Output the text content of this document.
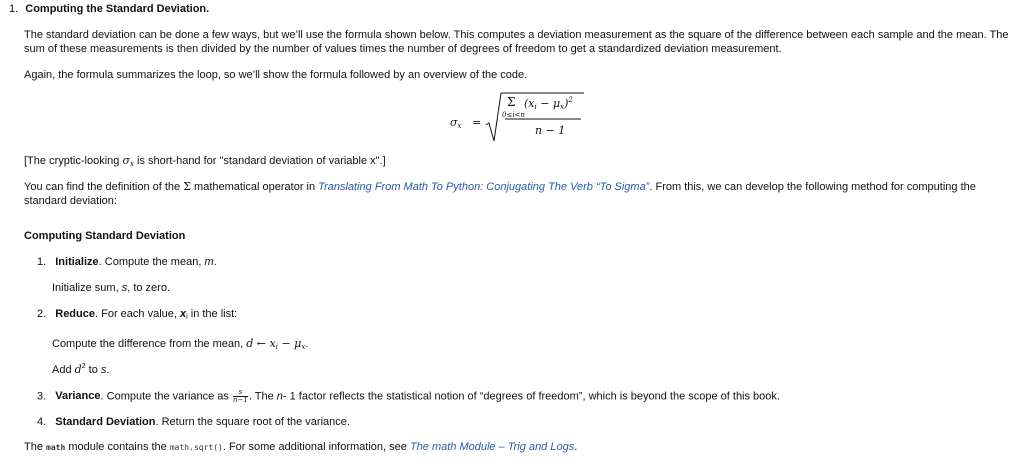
1. Computing the Standard Deviation.
The standard deviation can be done a few ways, but we’ll use the formula shown below. This computes a deviation measurement as the square of the difference between each sample and the mean. The sum of these measurements is then divided by the number of values times the number of degrees of freedom to get a standardized deviation measurement.
Again, the formula summarizes the loop, so we’ll show the formula followed by an overview of the code.
$\sigma_x$ =
Σ
0≤i<n
$(x_i - \mu_x)^2$
n − 1
[The cryptic-looking $\sigma_x$ is short-hand for "standard deviation of variable x".]
You can find the definition of the Σ mathematical operator in Translating From Math To Python: Conjugating The Verb “To Sigma”. From this, we can develop the following method for computing the standard deviation:
Computing Standard Deviation
1. Initialize. Compute the mean, m.
Initialize sum, s, to zero.
2. Reduce. For each value, $x_i$ in the list:
Compute the difference from the mean, d ← $x_i - \mu_x$.
Add $d^2$ to s.
3. Variance. Compute the variance as $\frac{s}{n-1}$ . The n- 1 factor reflects the statistical notion of “degrees of freedom”, which is beyond the scope of this book.
4. Standard Deviation. Return the square root of the variance.
The math module contains the math.sqrt(). For some additional information, see The math Module – Trig and Logs.
